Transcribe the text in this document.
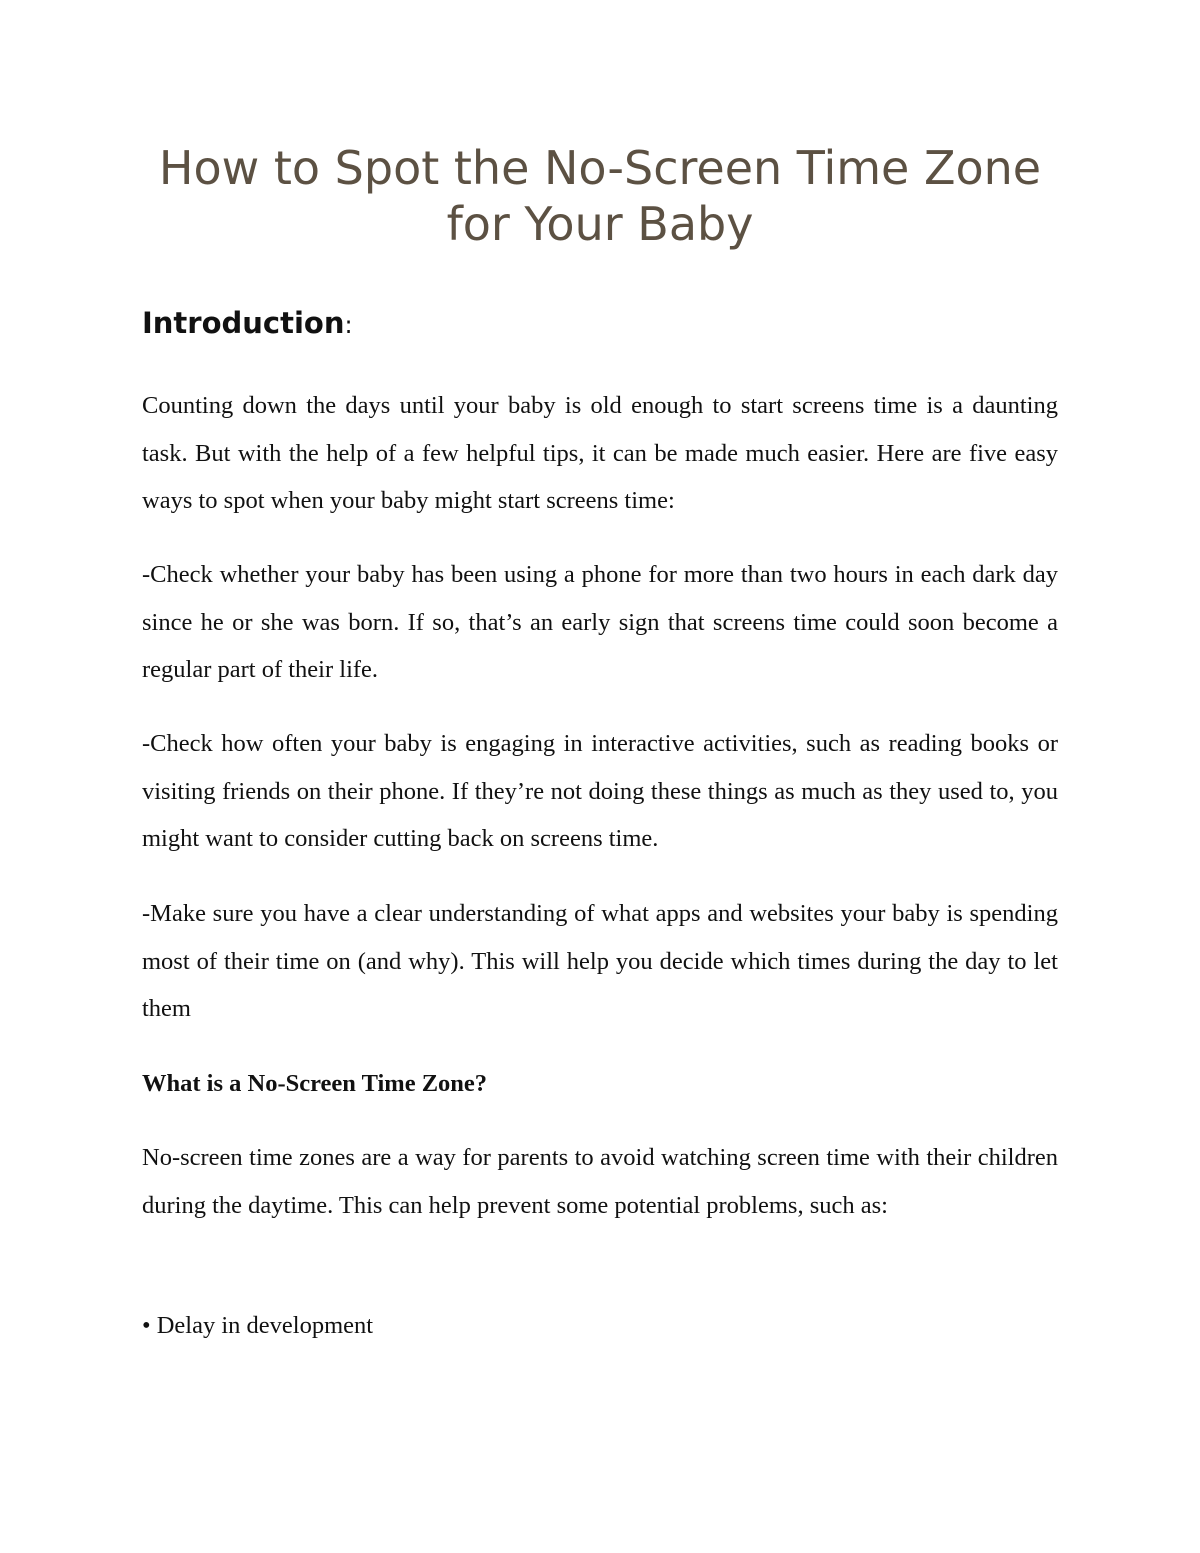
How to Spot the No-Screen Time Zone
for Your Baby
Introduction:

Counting down the days until your baby is old enough to start screens time is a daunting task. But with the help of a few helpful tips, it can be made much easier. Here are five easy ways to spot when your baby might start screens time:

-Check whether your baby has been using a phone for more than two hours in each dark day since he or she was born. If so, that’s an early sign that screens time could soon become a regular part of their life.

-Check how often your baby is engaging in interactive activities, such as reading books or visiting friends on their phone. If they’re not doing these things as much as they used to, you might want to consider cutting back on screens time.

-Make sure you have a clear understanding of what apps and websites your baby is spending most of their time on (and why). This will help you decide which times during the day to let them

What is a No-Screen Time Zone?

No-screen time zones are a way for parents to avoid watching screen time with their children during the daytime. This can help prevent some potential problems, such as:

• Delay in development
